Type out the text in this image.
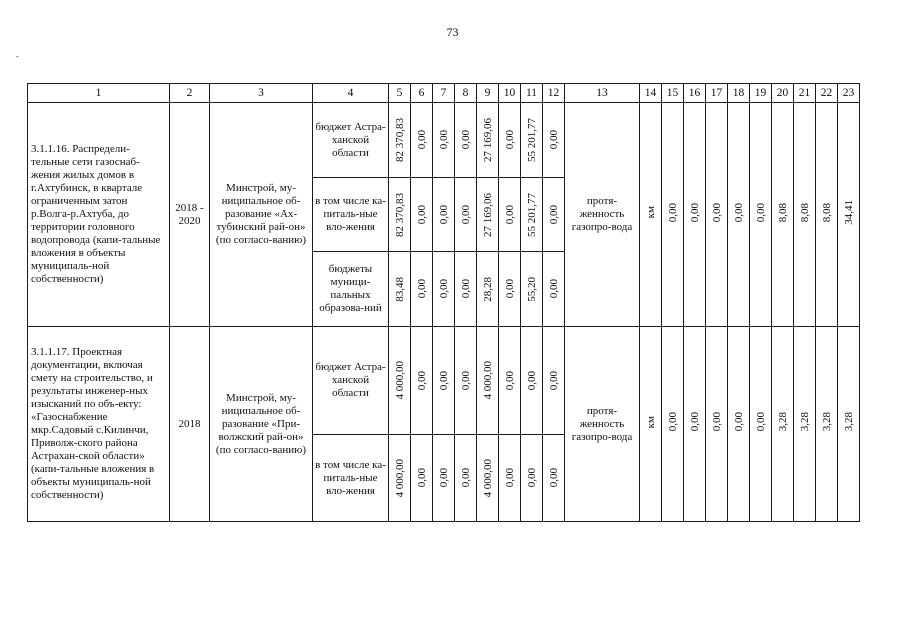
73
-
1	2	3	4	5	6	7	8	9	10	11	12	13	14	15	16	17	18	19	20	21	22	23
3.1.1.16. Распредели-тельные сети газоснаб-жения жилых домов в г.Ахтубинск, в квартале ограниченным затон р.Волга-р.Ахтуба, до территории головного водопровода (капи-тальные вложения в объекты муниципаль-ной собственности)	2018 - 2020	Минстрой, му-ниципальное об-разование «Ах-тубинский рай-он» (по согласо-ванию)	бюджет Астра-ханской области	82 370,83	0,00	0,00	0,00	27 169,06	0,00	55 201,77	0,00	протя-женность газопро-вода	км	0,00	0,00	0,00	0,00	0,00	8,08	8,08	8,08	34,41
			в том числе ка-питаль-ные вло-жения	82 370,83	0,00	0,00	0,00	27 169,06	0,00	55 201,77	0,00											
			бюджеты муници-пальных образова-ний	83,48	0,00	0,00	0,00	28,28	0,00	55,20	0,00											
3.1.1.17. Проектная документации, включая смету на строительство, и результаты инженер-ных изысканий по объ-екту: «Газоснабжение мкр.Садовый с.Килинчи, Приволж-ского района Астрахан-ской области» (капи-тальные вложения в объекты муниципаль-ной собственности)	2018	Минстрой, му-ниципальное об-разование «При-волжский рай-он» (по согласо-ванию)	бюджет Астра-ханской области	4 000,00	0,00	0,00	0,00	4 000,00	0,00	0,00	0,00	протя-женность газопро-вода	км	0,00	0,00	0,00	0,00	0,00	3,28	3,28	3,28	3,28
			в том числе ка-питаль-ные вло-жения	4 000,00	0,00	0,00	0,00	4 000,00	0,00	0,00	0,00											
